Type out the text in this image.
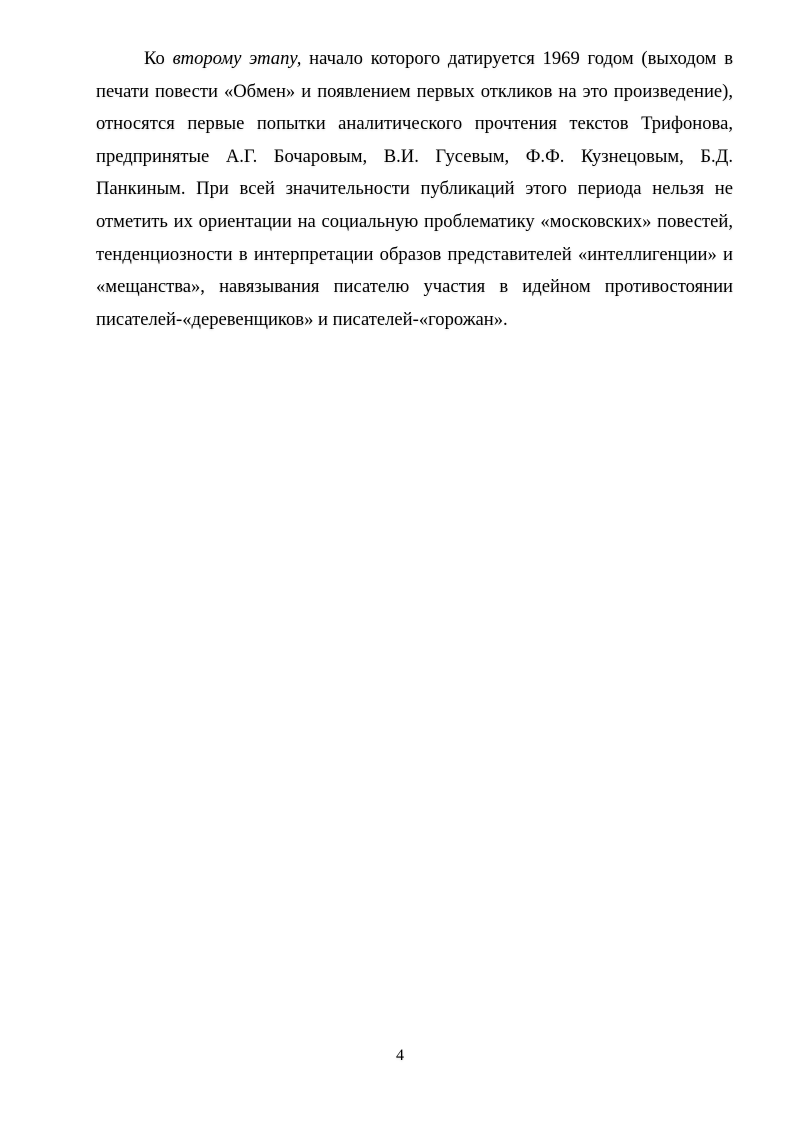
Ко второму этапу, начало которого датируется 1969 годом (выходом в
печати повести «Обмен» и появлением первых откликов на это произведение),
относятся первые попытки аналитического прочтения текстов Трифонова,
предпринятые А.Г. Бочаровым, В.И. Гусевым, Ф.Ф. Кузнецовым, Б.Д.
Панкиным. При всей значительности публикаций этого периода нельзя не
отметить их ориентации на социальную проблематику «московских» повестей,
тенденциозности в интерпретации образов представителей «интеллигенции» и
«мещанства», навязывания писателю участия в идейном противостоянии
писателей-«деревенщиков» и писателей-«горожан».
4
